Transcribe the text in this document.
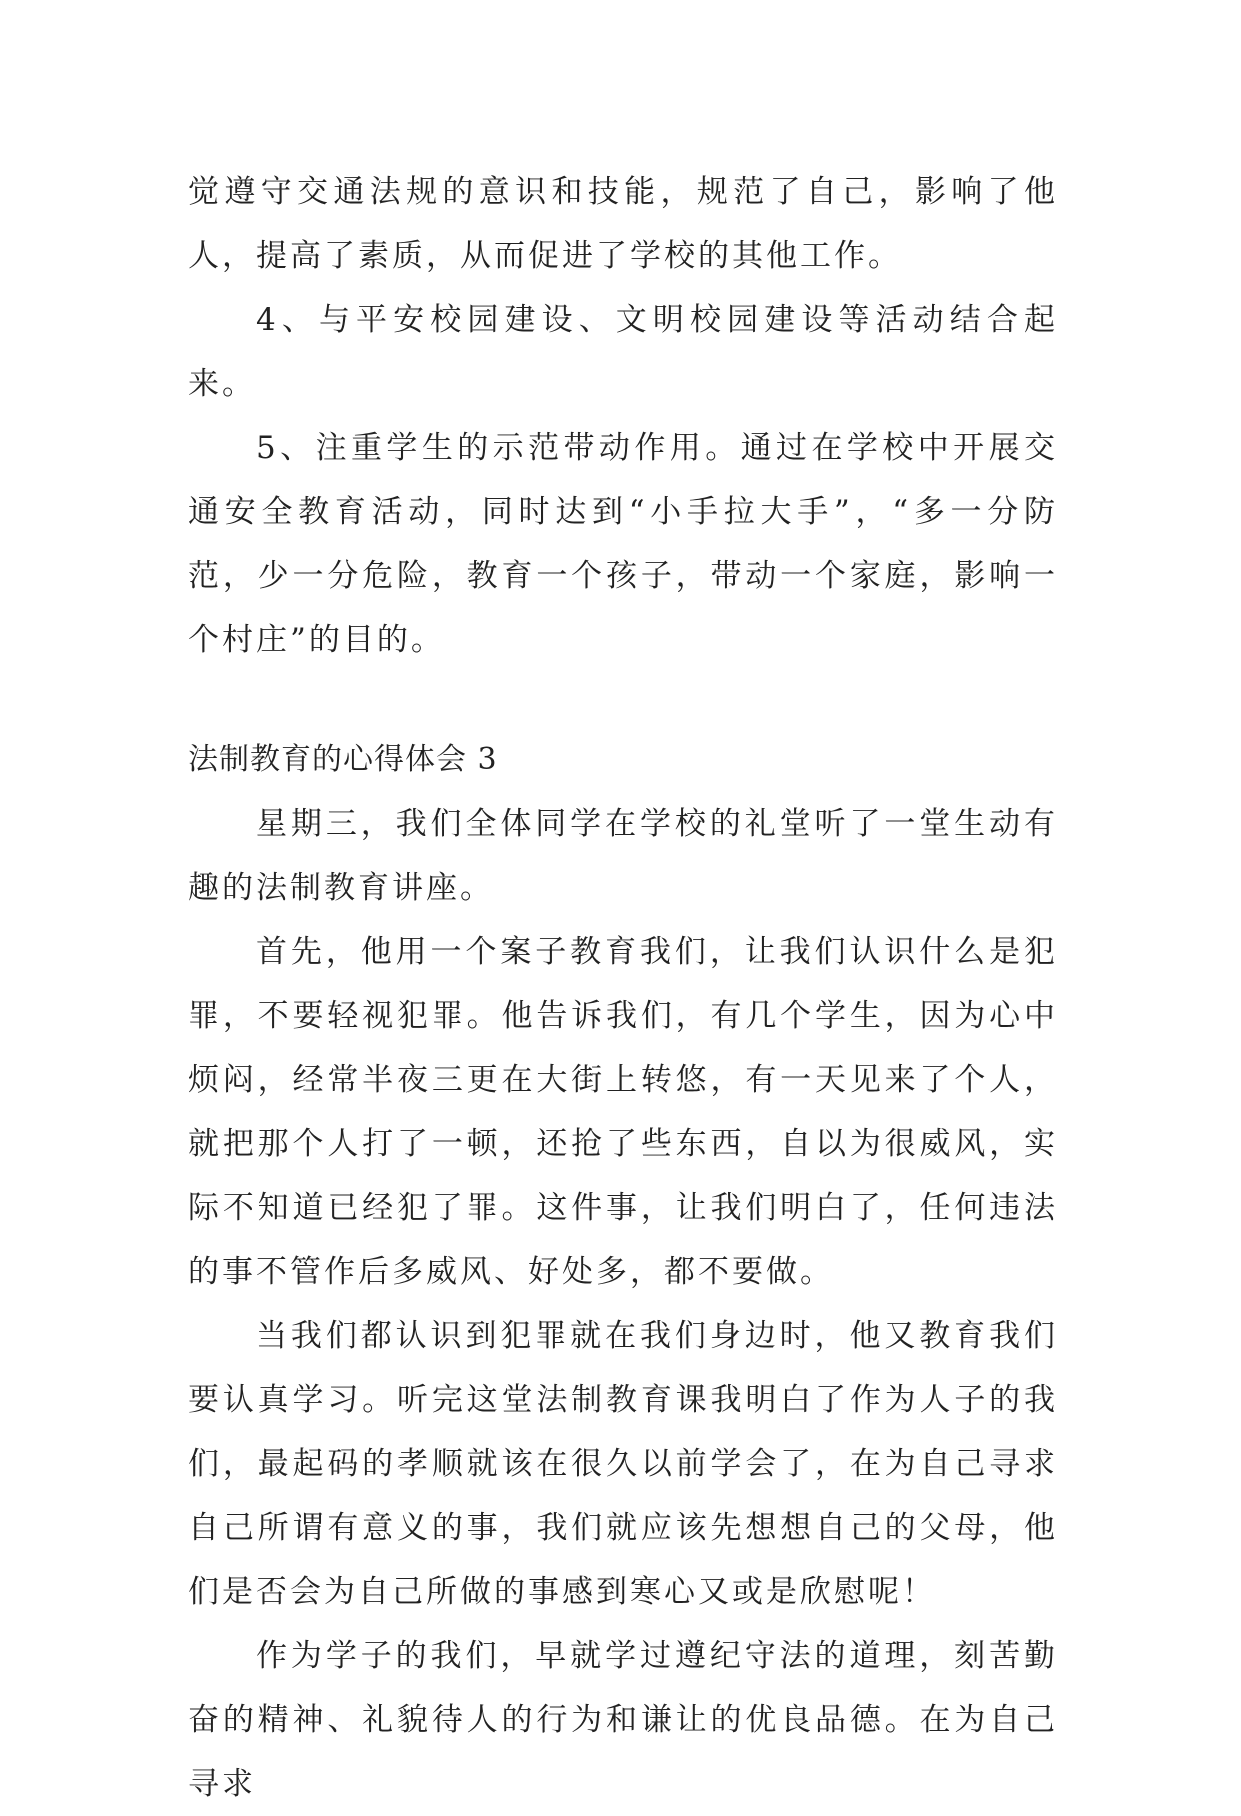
觉遵守交通法规的意识和技能，规范了自己，影响了他人，提高了素质，从而促进了学校的其他工作。

4、与平安校园建设、文明校园建设等活动结合起来。

5、注重学生的示范带动作用。通过在学校中开展交通安全教育活动，同时达到“小手拉大手”，“多一分防范，少一分危险，教育一个孩子，带动一个家庭，影响一个村庄”的目的。

法制教育的心得体会 3

星期三，我们全体同学在学校的礼堂听了一堂生动有趣的法制教育讲座。

首先，他用一个案子教育我们，让我们认识什么是犯罪，不要轻视犯罪。他告诉我们，有几个学生，因为心中烦闷，经常半夜三更在大街上转悠，有一天见来了个人，就把那个人打了一顿，还抢了些东西，自以为很威风，实际不知道已经犯了罪。这件事，让我们明白了，任何违法的事不管作后多威风、好处多，都不要做。

当我们都认识到犯罪就在我们身边时，他又教育我们要认真学习。听完这堂法制教育课我明白了作为人子的我们，最起码的孝顺就该在很久以前学会了，在为自己寻求自己所谓有意义的事，我们就应该先想想自己的父母，他们是否会为自己所做的事感到寒心又或是欣慰呢！

作为学子的我们，早就学过遵纪守法的道理，刻苦勤奋的精神、礼貌待人的行为和谦让的优良品德。在为自己寻求
